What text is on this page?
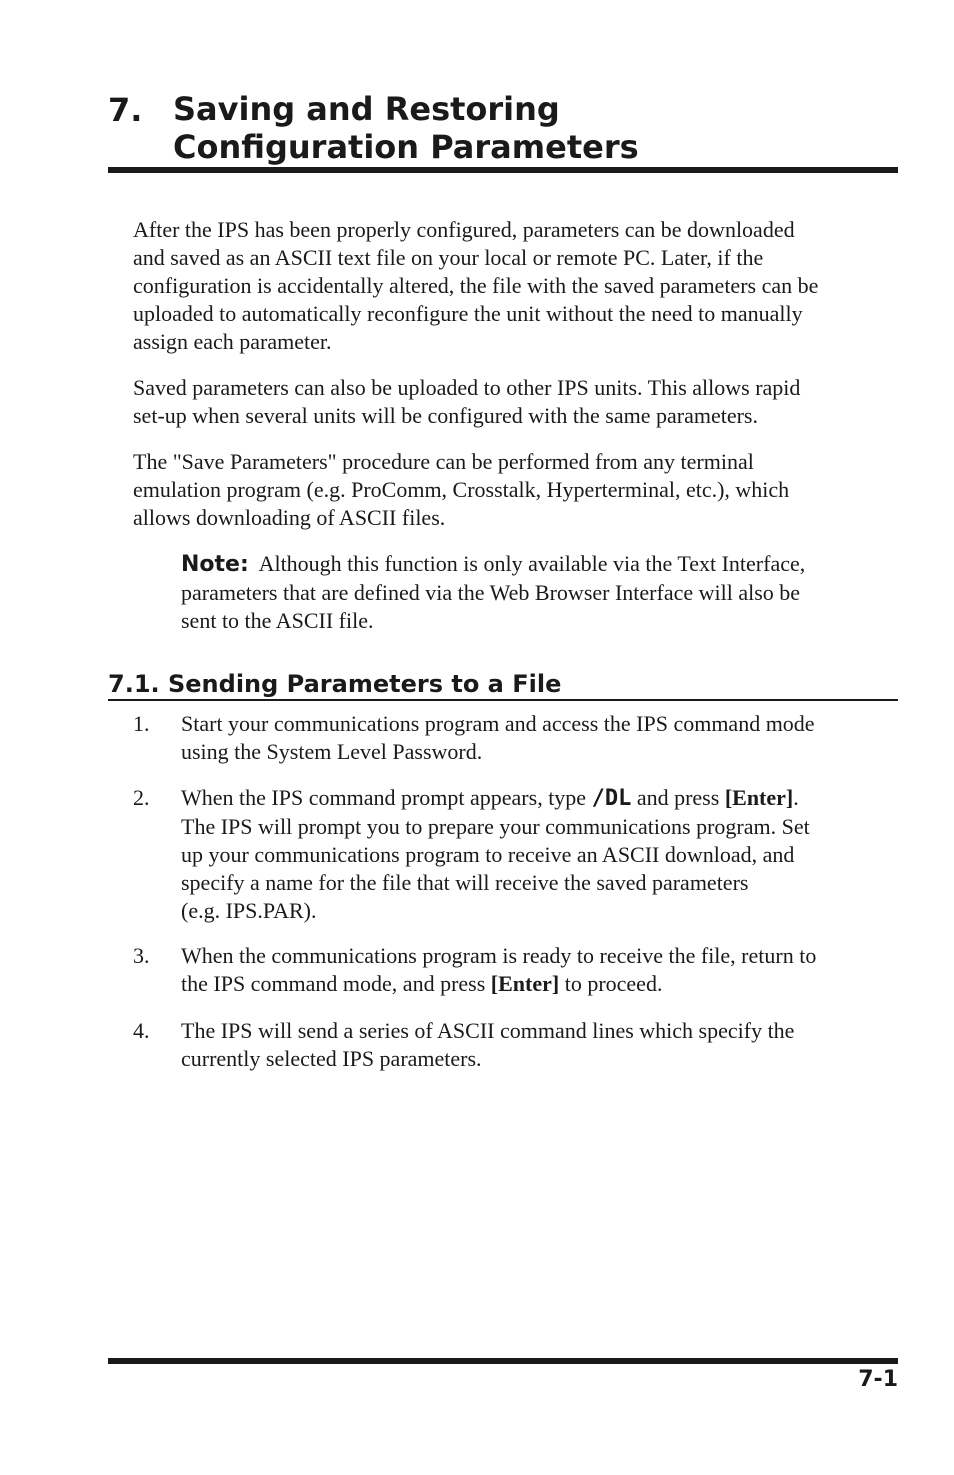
7. Saving and Restoring
Configuration Parameters
After the IPS has been properly configured, parameters can be downloaded
and saved as an ASCII text file on your local or remote PC. Later, if the
configuration is accidentally altered, the file with the saved parameters can be
uploaded to automatically reconfigure the unit without the need to manually
assign each parameter.
Saved parameters can also be uploaded to other IPS units. This allows rapid
set-up when several units will be configured with the same parameters.
The "Save Parameters" procedure can be performed from any terminal
emulation program (e.g. ProComm, Crosstalk, Hyperterminal, etc.), which
allows downloading of ASCII files.
Note: Although this function is only available via the Text Interface,
parameters that are defined via the Web Browser Interface will also be
sent to the ASCII file.
7.1. Sending Parameters to a File
1. Start your communications program and access the IPS command mode
using the System Level Password.
2. When the IPS command prompt appears, type /DL and press [Enter].
The IPS will prompt you to prepare your communications program. Set
up your communications program to receive an ASCII download, and
specify a name for the file that will receive the saved parameters
(e.g. IPS.PAR).
3. When the communications program is ready to receive the file, return to
the IPS command mode, and press [Enter] to proceed.
4. The IPS will send a series of ASCII command lines which specify the
currently selected IPS parameters.
7-1
